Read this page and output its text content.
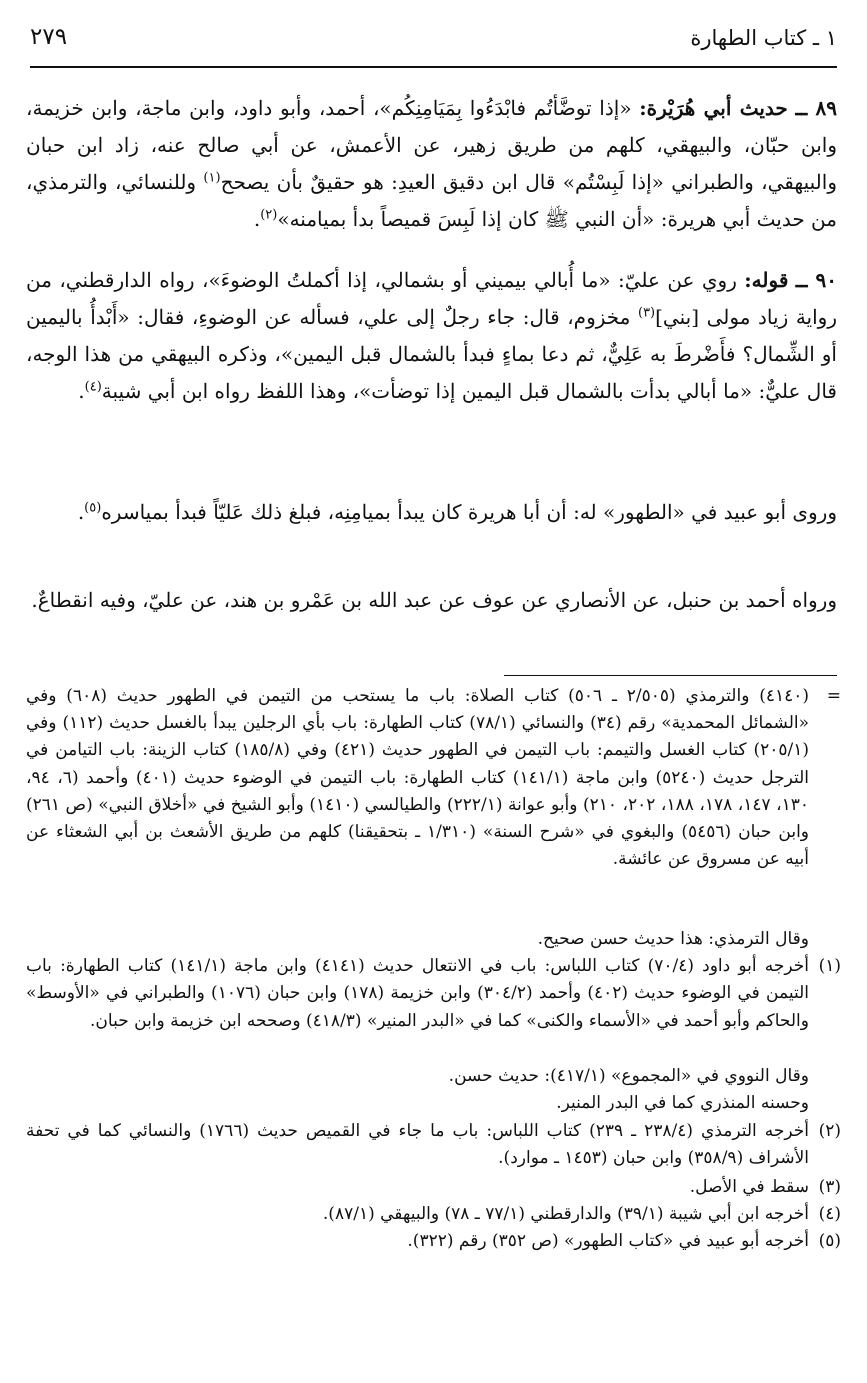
١ ـ كتاب الطهارة
٢٧٩

٨٩ ــ حديث أبي هُرَيْرة: «إذا توضَّأتُم فابْدَءُوا بِمَيَامِنِكُم»، أحمد، وأبو داود، وابن ماجة، وابن خزيمة، وابن حبّان، والبيهقي، كلهم من طريق زهير، عن الأعمش، عن أبي صالح عنه، زاد ابن حبان والبيهقي، والطبراني «إذا لَبِسْتُم» قال ابن دقيق العيدِ: هو حقيقٌ بأن يصحح$^{(١)}$ وللنسائي، والترمذي، من حديث أبي هريرة: «أن النبي ﷺ كان إذا لَبِسَ قميصاً بدأ بميامنه»$^{(٢)}$.

٩٠ ــ قوله: روي عن عليّ: «ما أُبالي بيميني أو بشمالي، إذا أكملتُ الوضوءَ»، رواه الدارقطني، من رواية زياد مولى [بني]$^{(٣)}$ مخزوم، قال: جاء رجلٌ إلى علي، فسأله عن الوضوءِ، فقال: «أَبْدأُ باليمين أو الشِّمال؟ فأَضْرطَ به عَلِيٌّ، ثم دعا بماءٍ فبدأ بالشمال قبل اليمين»، وذكره البيهقي من هذا الوجه، قال عليٌّ: «ما أبالي بدأت بالشمال قبل اليمين إذا توضأت»، وهذا اللفظ رواه ابن أبي شيبة$^{(٤)}$.

وروى أبو عبيد في «الطهور» له: أن أبا هريرة كان يبدأ بميامِنِه، فبلغ ذلك عَليّاً فبدأ بمياسره$^{(٥)}$.

ورواه أحمد بن حنبل، عن الأنصاري عن عوف عن عبد الله بن عَمْرو بن هند، عن عليّ، وفيه انقطاعٌ.

=
(٤١٤٠) والترمذي (٢/٥٠٥ ـ ٥٠٦) كتاب الصلاة: باب ما يستحب من التيمن في الطهور حديث (٦٠٨) وفي «الشمائل المحمدية» رقم (٣٤) والنسائي (٧٨/١) كتاب الطهارة: باب بأي الرجلين يبدأ بالغسل حديث (١١٢) وفي (٢٠٥/١) كتاب الغسل والتيمم: باب التيمن في الطهور حديث (٤٢١) وفي (١٨٥/٨) كتاب الزينة: باب التيامن في الترجل حديث (٥٢٤٠) وابن ماجة (١٤١/١) كتاب الطهارة: باب التيمن في الوضوء حديث (٤٠١) وأحمد (٦، ٩٤، ١٣٠، ١٤٧، ١٧٨، ١٨٨، ٢٠٢، ٢١٠) وأبو عوانة (٢٢٢/١) والطيالسي (١٤١٠) وأبو الشيخ في «أخلاق النبي» (ص ٢٦١) وابن حبان (٥٤٥٦) والبغوي في «شرح السنة» (١/٣١٠ ـ بتحقيقنا) كلهم من طريق الأشعث بن أبي الشعثاء عن أبيه عن مسروق عن عائشة.

وقال الترمذي: هذا حديث حسن صحيح.

(١)
أخرجه أبو داود (٧٠/٤) كتاب اللباس: باب في الانتعال حديث (٤١٤١) وابن ماجة (١٤١/١) كتاب الطهارة: باب التيمن في الوضوء حديث (٤٠٢) وأحمد (٣٠٤/٢) وابن خزيمة (١٧٨) وابن حبان (١٠٧٦) والطبراني في «الأوسط» والحاكم وأبو أحمد في «الأسماء والكنى» كما في «البدر المنير» (٤١٨/٣) وصححه ابن خزيمة وابن حبان.

وقال النووي في «المجموع» (٤١٧/١): حديث حسن.

وحسنه المنذري كما في البدر المنير.

(٢)
أخرجه الترمذي (٢٣٨/٤ ـ ٢٣٩) كتاب اللباس: باب ما جاء في القميص حديث (١٧٦٦) والنسائي كما في تحفة الأشراف (٣٥٨/٩) وابن حبان (١٤٥٣ ـ موارد).
(٣)
سقط في الأصل.
(٤)
أخرجه ابن أبي شيبة (٣٩/١) والدارقطني (٧٧/١ ـ ٧٨) والبيهقي (٨٧/١).
(٥)
أخرجه أبو عبيد في «كتاب الطهور» (ص ٣٥٢) رقم (٣٢٢).
